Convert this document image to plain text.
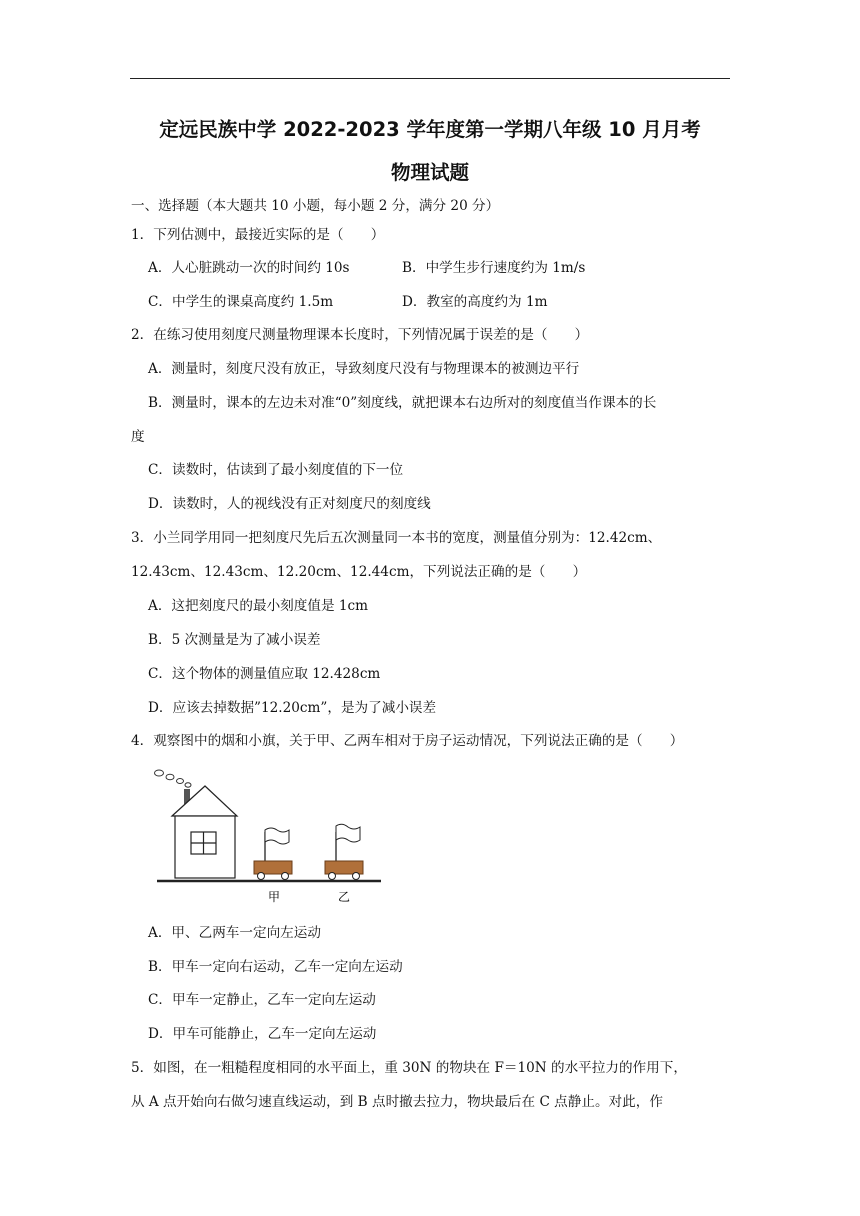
定远民族中学 2022-2023 学年度第一学期八年级 10 月月考
物理试题
一、选择题（本大题共 10 小题，每小题 2 分，满分 20 分）
1．下列估测中，最接近实际的是（　　）
A．人心脏跳动一次的时间约 10s	B．中学生步行速度约为 1m/s
C．中学生的课桌高度约 1.5m	D．教室的高度约为 1m
2．在练习使用刻度尺测量物理课本长度时，下列情况属于误差的是（　　）
A．测量时，刻度尺没有放正，导致刻度尺没有与物理课本的被测边平行
B．测量时，课本的左边未对准“0”刻度线，就把课本右边所对的刻度值当作课本的长
度
C．读数时，估读到了最小刻度值的下一位
D．读数时，人的视线没有正对刻度尺的刻度线
3．小兰同学用同一把刻度尺先后五次测量同一本书的宽度，测量值分别为：12.42cm、
12.43cm、12.43cm、12.20cm、12.44cm，下列说法正确的是（　　）
A．这把刻度尺的最小刻度值是 1cm
B．5 次测量是为了减小误差
C．这个物体的测量值应取 12.428cm
D．应该去掉数据”12.20cm”，是为了减小误差
4．观察图中的烟和小旗，关于甲、乙两车相对于房子运动情况，下列说法正确的是（　　）
甲	乙
A．甲、乙两车一定向左运动
B．甲车一定向右运动，乙车一定向左运动
C．甲车一定静止，乙车一定向左运动
D．甲车可能静止，乙车一定向左运动
5．如图，在一粗糙程度相同的水平面上，重 30N 的物块在 F＝10N 的水平拉力的作用下，
从 A 点开始向右做匀速直线运动，到 B 点时撤去拉力，物块最后在 C 点静止。对此，作
